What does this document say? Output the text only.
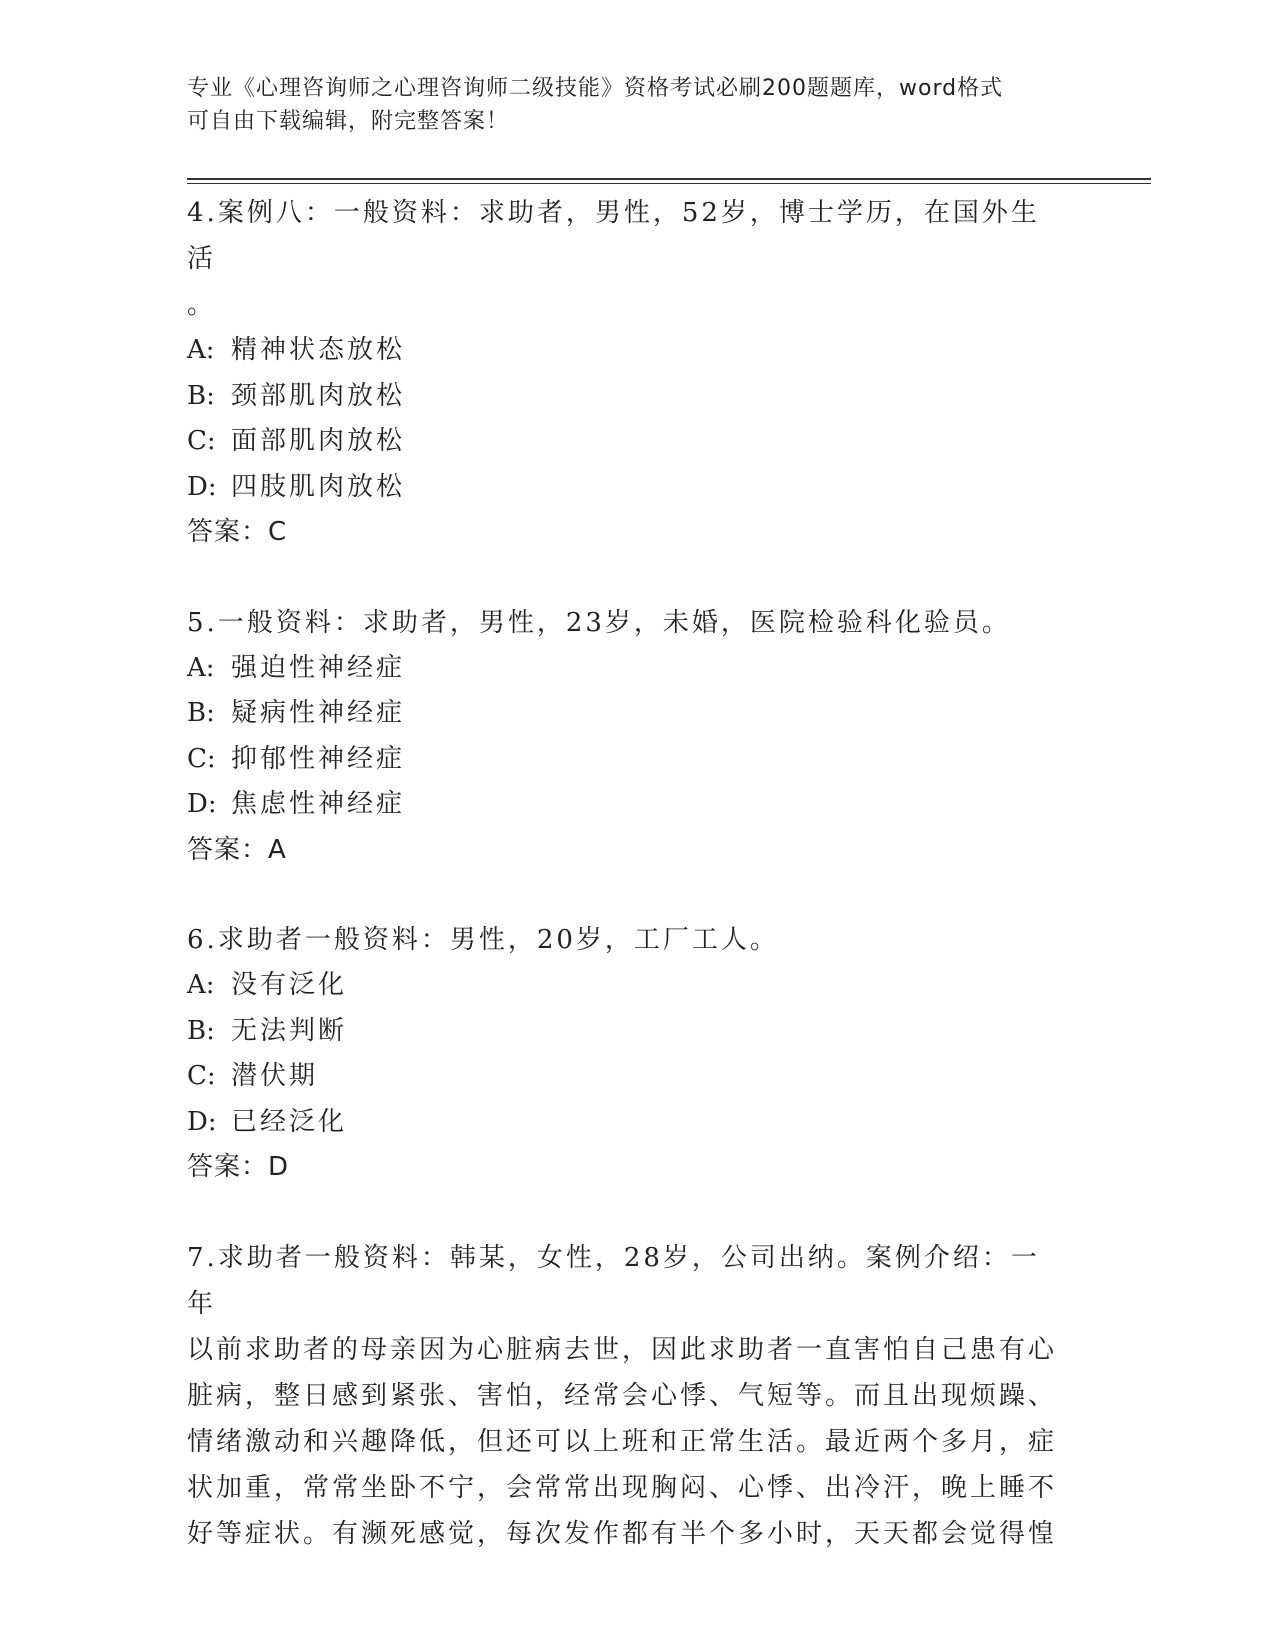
专业《心理咨询师之心理咨询师二级技能》资格考试必刷200题题库，word格式
可自由下载编辑，附完整答案！

4.案例八：一般资料：求助者，男性，52岁，博士学历，在国外生活

。

A: 精神状态放松

B: 颈部肌肉放松

C: 面部肌肉放松

D: 四肢肌肉放松

答案：C

5.一般资料：求助者，男性，23岁，未婚，医院检验科化验员。

A: 强迫性神经症

B: 疑病性神经症

C: 抑郁性神经症

D: 焦虑性神经症

答案：A

6.求助者一般资料：男性，20岁，工厂工人。

A: 没有泛化

B: 无法判断

C: 潜伏期

D: 已经泛化

答案：D

7.求助者一般资料：韩某，女性，28岁，公司出纳。案例介绍：一年

以前求助者的母亲因为心脏病去世，因此求助者一直害怕自己患有心

脏病，整日感到紧张、害怕，经常会心悸、气短等。而且出现烦躁、

情绪激动和兴趣降低，但还可以上班和正常生活。最近两个多月，症

状加重，常常坐卧不宁，会常常出现胸闷、心悸、出冷汗，晚上睡不

好等症状。有濒死感觉，每次发作都有半个多小时，天天都会觉得惶
